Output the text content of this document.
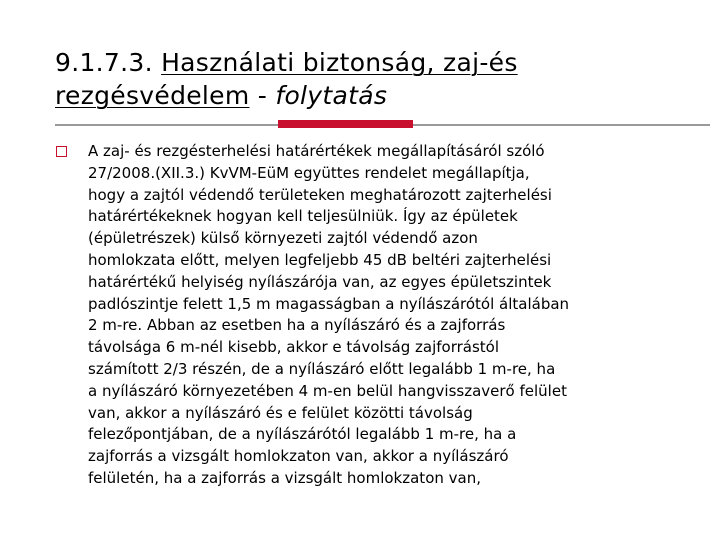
9.1.7.3. Használati biztonság, zaj-és
rezgésvédelem - folytatás

A zaj- és rezgésterhelési határértékek megállapításáról szóló
27/2008.(XII.3.) KvVM-EüM együttes rendelet megállapítja,
hogy a zajtól védendő területeken meghatározott zajterhelési
határértékeknek hogyan kell teljesülniük. Így az épületek
(épületrészek) külső környezeti zajtól védendő azon
homlokzata előtt, melyen legfeljebb 45 dB beltéri zajterhelési
határértékű helyiség nyílászárója van, az egyes épületszintek
padlószintje felett 1,5 m magasságban a nyílászárótól általában
2 m-re. Abban az esetben ha a nyílászáró és a zajforrás
távolsága 6 m-nél kisebb, akkor e távolság zajforrástól
számított 2/3 részén, de a nyílászáró előtt legalább 1 m-re, ha
a nyílászáró környezetében 4 m-en belül hangvisszaverő felület
van, akkor a nyílászáró és e felület közötti távolság
felezőpontjában, de a nyílászárótól legalább 1 m-re, ha a
zajforrás a vizsgált homlokzaton van, akkor a nyílászáró
felületén, ha a zajforrás a vizsgált homlokzaton van,
